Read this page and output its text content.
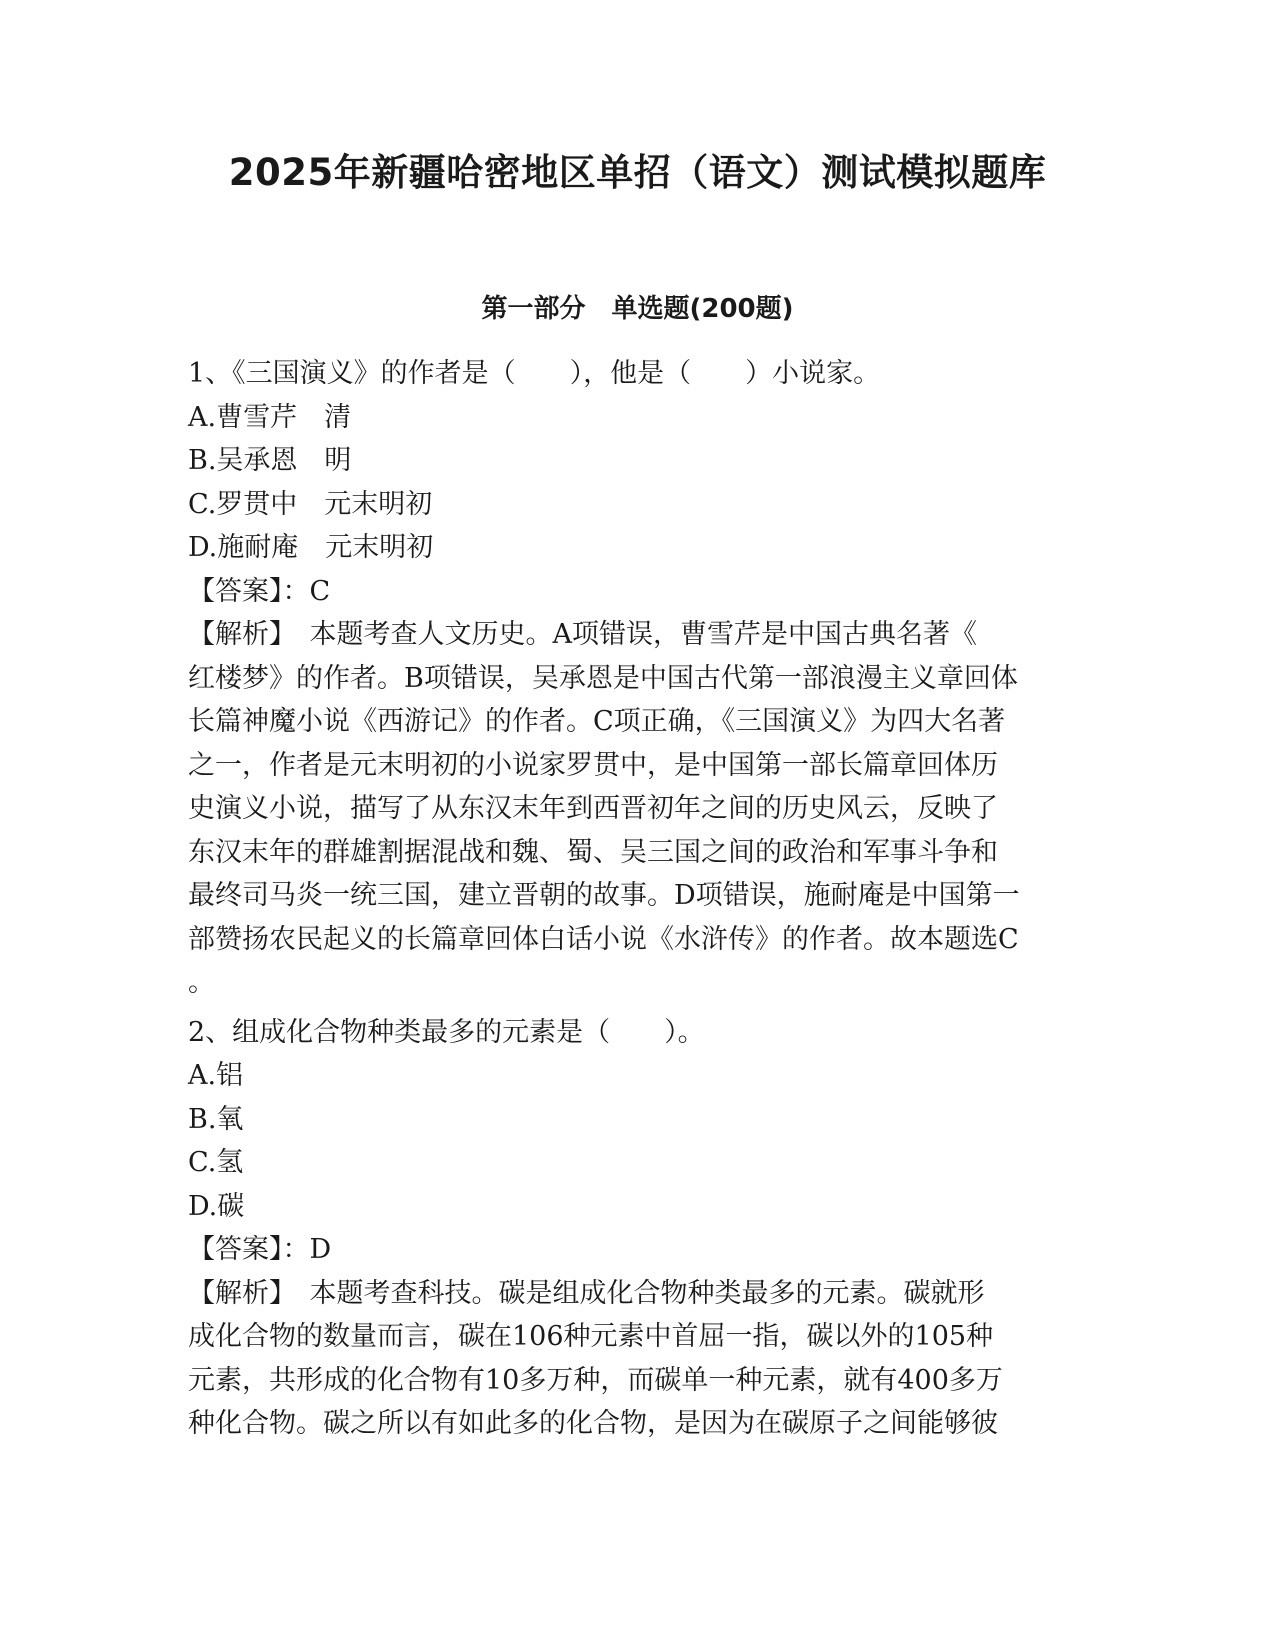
2025年新疆哈密地区单招（语文）测试模拟题库
第一部分　单选题(200题)
1、《三国演义》的作者是（　　），他是（　　）小说家。
A.曹雪芹　清
B.吴承恩　明
C.罗贯中　元末明初
D.施耐庵　元末明初
【答案】：C
【解析】　本题考查人文历史。A项错误，曹雪芹是中国古典名著《
红楼梦》的作者。B项错误，吴承恩是中国古代第一部浪漫主义章回体
长篇神魔小说《西游记》的作者。C项正确，《三国演义》为四大名著
之一，作者是元末明初的小说家罗贯中，是中国第一部长篇章回体历
史演义小说，描写了从东汉末年到西晋初年之间的历史风云，反映了
东汉末年的群雄割据混战和魏、蜀、吴三国之间的政治和军事斗争和
最终司马炎一统三国，建立晋朝的故事。D项错误，施耐庵是中国第一
部赞扬农民起义的长篇章回体白话小说《水浒传》的作者。故本题选C
。
2、组成化合物种类最多的元素是（　　）。
A.铝
B.氧
C.氢
D.碳
【答案】：D
【解析】　本题考查科技。碳是组成化合物种类最多的元素。碳就形
成化合物的数量而言，碳在106种元素中首屈一指，碳以外的105种
元素，共形成的化合物有10多万种，而碳单一种元素，就有400多万
种化合物。碳之所以有如此多的化合物，是因为在碳原子之间能够彼
